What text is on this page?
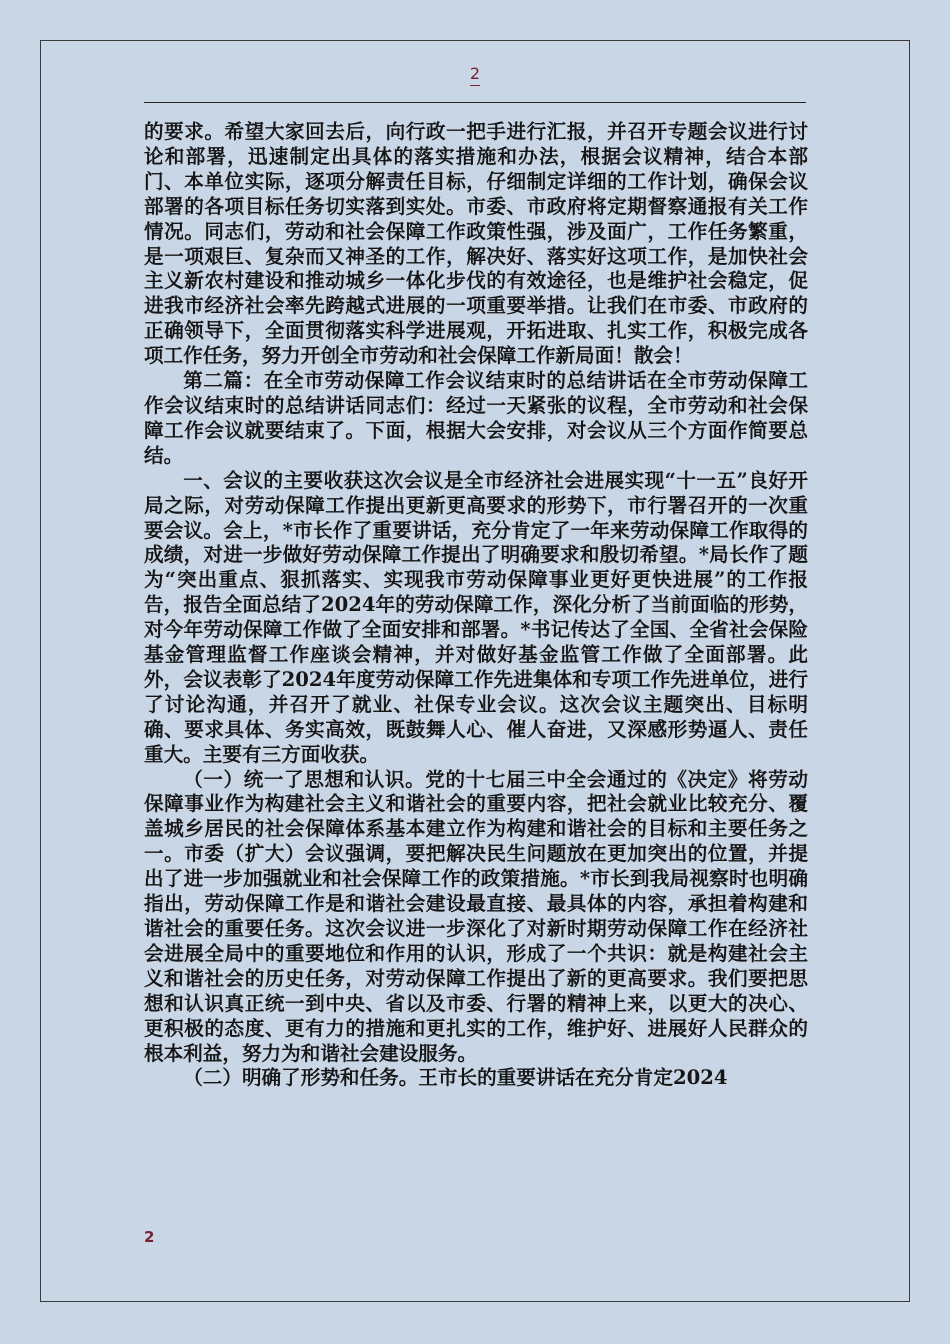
2

的要求。希望大家回去后，向行政一把手进行汇报，并召开专题会议进行讨论和部署，迅速制定出具体的落实措施和办法，根据会议精神，结合本部门、本单位实际，逐项分解责任目标，仔细制定详细的工作计划，确保会议部署的各项目标任务切实落到实处。市委、市政府将定期督察通报有关工作情况。同志们，劳动和社会保障工作政策性强，涉及面广，工作任务繁重，是一项艰巨、复杂而又神圣的工作，解决好、落实好这项工作，是加快社会主义新农村建设和推动城乡一体化步伐的有效途径，也是维护社会稳定，促进我市经济社会率先跨越式进展的一项重要举措。让我们在市委、市政府的正确领导下，全面贯彻落实科学进展观，开拓进取、扎实工作，积极完成各项工作任务，努力开创全市劳动和社会保障工作新局面！散会！

第二篇：在全市劳动保障工作会议结束时的总结讲话在全市劳动保障工作会议结束时的总结讲话同志们：经过一天紧张的议程，全市劳动和社会保障工作会议就要结束了。下面，根据大会安排，对会议从三个方面作简要总结。

一、会议的主要收获这次会议是全市经济社会进展实现“十一五”良好开局之际，对劳动保障工作提出更新更高要求的形势下，市行署召开的一次重要会议。会上，*市长作了重要讲话，充分肯定了一年来劳动保障工作取得的成绩，对进一步做好劳动保障工作提出了明确要求和殷切希望。*局长作了题为“突出重点、狠抓落实、实现我市劳动保障事业更好更快进展”的工作报告，报告全面总结了2024年的劳动保障工作，深化分析了当前面临的形势，对今年劳动保障工作做了全面安排和部署。*书记传达了全国、全省社会保险基金管理监督工作座谈会精神，并对做好基金监管工作做了全面部署。此外，会议表彰了2024年度劳动保障工作先进集体和专项工作先进单位，进行了讨论沟通，并召开了就业、社保专业会议。这次会议主题突出、目标明确、要求具体、务实高效，既鼓舞人心、催人奋进，又深感形势逼人、责任重大。主要有三方面收获。

（一）统一了思想和认识。党的十七届三中全会通过的《决定》将劳动保障事业作为构建社会主义和谐社会的重要内容，把社会就业比较充分、覆盖城乡居民的社会保障体系基本建立作为构建和谐社会的目标和主要任务之一。市委（扩大）会议强调，要把解决民生问题放在更加突出的位置，并提出了进一步加强就业和社会保障工作的政策措施。*市长到我局视察时也明确指出，劳动保障工作是和谐社会建设最直接、最具体的内容，承担着构建和谐社会的重要任务。这次会议进一步深化了对新时期劳动保障工作在经济社会进展全局中的重要地位和作用的认识，形成了一个共识：就是构建社会主义和谐社会的历史任务，对劳动保障工作提出了新的更高要求。我们要把思想和认识真正统一到中央、省以及市委、行署的精神上来，以更大的决心、更积极的态度、更有力的措施和更扎实的工作，维护好、进展好人民群众的根本利益，努力为和谐社会建设服务。

（二）明确了形势和任务。王市长的重要讲话在充分肯定2024

2
